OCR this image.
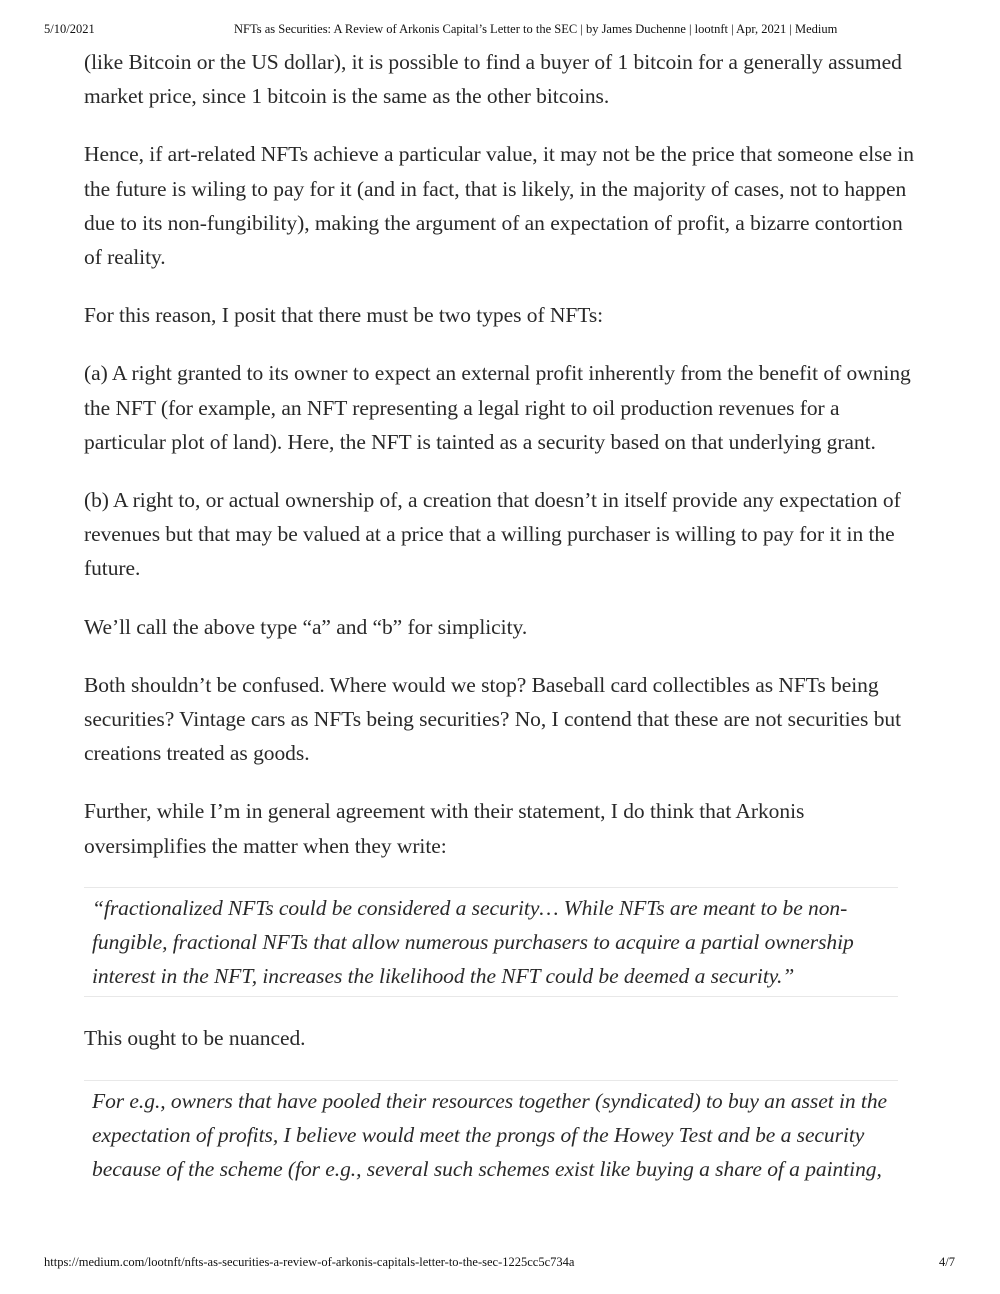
5/10/2021	NFTs as Securities: A Review of Arkonis Capital’s Letter to the SEC | by James Duchenne | lootnft | Apr, 2021 | Medium

(like Bitcoin or the US dollar), it is possible to find a buyer of 1 bitcoin for a generally assumed market price, since 1 bitcoin is the same as the other bitcoins.

Hence, if art-related NFTs achieve a particular value, it may not be the price that someone else in the future is wiling to pay for it (and in fact, that is likely, in the majority of cases, not to happen due to its non-fungibility), making the argument of an expectation of profit, a bizarre contortion of reality.

For this reason, I posit that there must be two types of NFTs:

(a) A right granted to its owner to expect an external profit inherently from the benefit of owning the NFT (for example, an NFT representing a legal right to oil production revenues for a particular plot of land). Here, the NFT is tainted as a security based on that underlying grant.

(b) A right to, or actual ownership of, a creation that doesn’t in itself provide any expectation of revenues but that may be valued at a price that a willing purchaser is willing to pay for it in the future.

We’ll call the above type “a” and “b” for simplicity.

Both shouldn’t be confused. Where would we stop? Baseball card collectibles as NFTs being securities? Vintage cars as NFTs being securities? No, I contend that these are not securities but creations treated as goods.

Further, while I’m in general agreement with their statement, I do think that Arkonis oversimplifies the matter when they write:

“fractionalized NFTs could be considered a security… While NFTs are meant to be non-fungible, fractional NFTs that allow numerous purchasers to acquire a partial ownership interest in the NFT, increases the likelihood the NFT could be deemed a security.”

This ought to be nuanced.

For e.g., owners that have pooled their resources together (syndicated) to buy an asset in the expectation of profits, I believe would meet the prongs of the Howey Test and be a security because of the scheme (for e.g., several such schemes exist like buying a share of a painting,

https://medium.com/lootnft/nfts-as-securities-a-review-of-arkonis-capitals-letter-to-the-sec-1225cc5c734a	4/7
